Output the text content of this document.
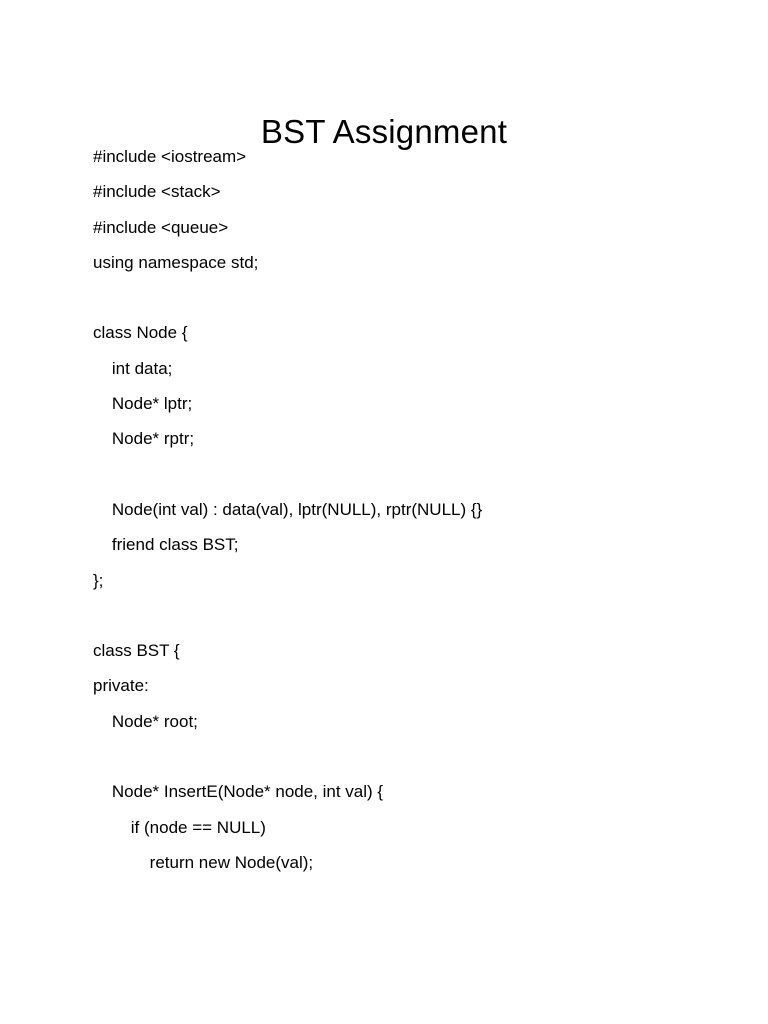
BST Assignment
#include <iostream>
#include <stack>
#include <queue>
using namespace std;
class Node {
int data;
Node* lptr;
Node* rptr;
Node(int val) : data(val), lptr(NULL), rptr(NULL) {}
friend class BST;
};
class BST {
private:
Node* root;
Node* InsertE(Node* node, int val) {
if (node == NULL)
return new Node(val);
